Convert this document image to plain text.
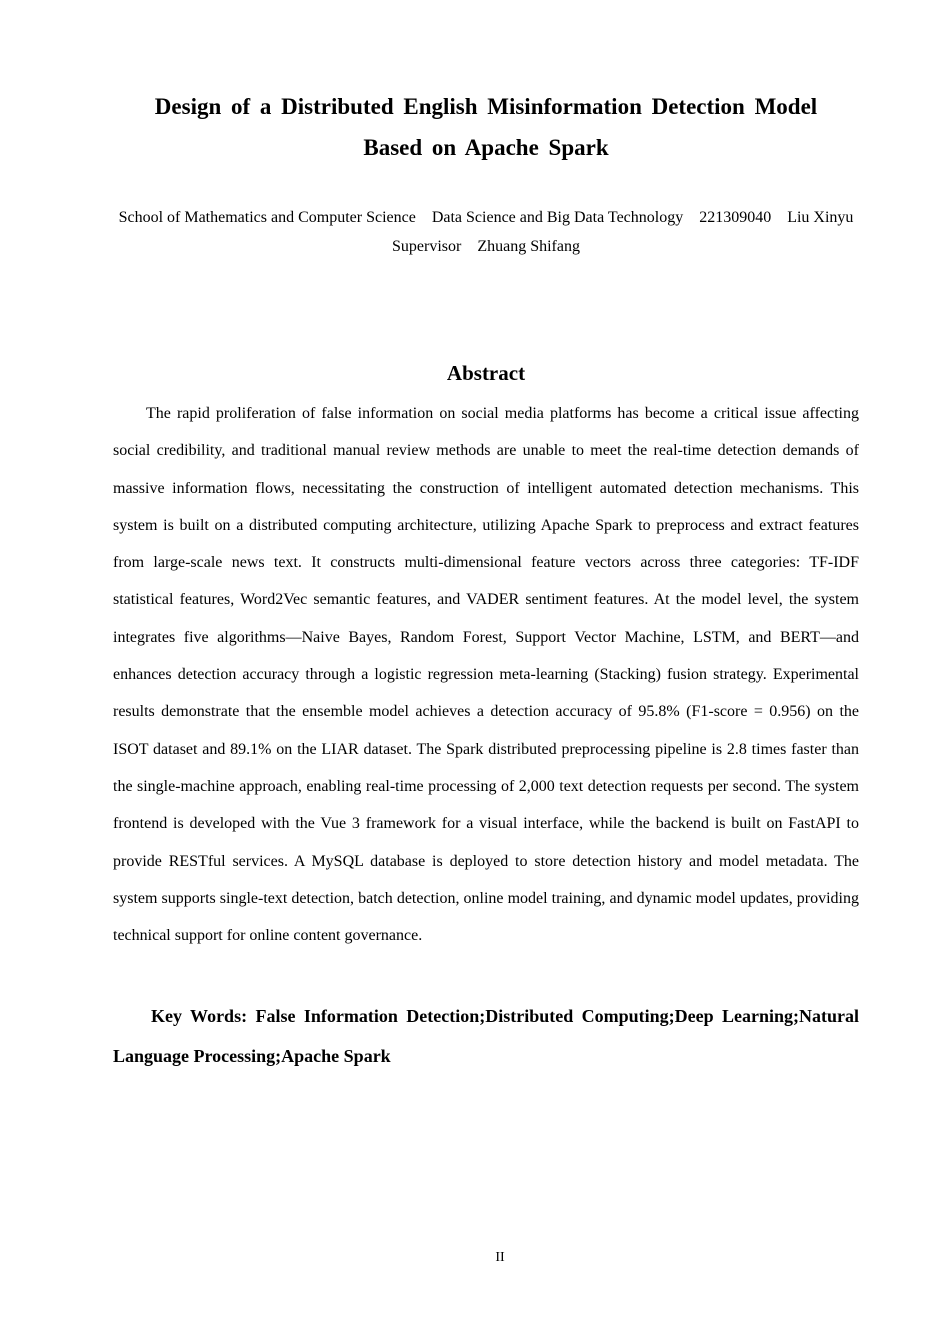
Design of a Distributed English Misinformation Detection Model
Based on Apache Spark
School of Mathematics and Computer Science    Data Science and Big Data Technology    221309040    Liu Xinyu
Supervisor    Zhuang Shifang
Abstract

The rapid proliferation of false information on social media platforms has become a critical issue affecting social credibility, and traditional manual review methods are unable to meet the real-time detection demands of massive information flows, necessitating the construction of intelligent automated detection mechanisms. This system is built on a distributed computing architecture, utilizing Apache Spark to preprocess and extract features from large-scale news text. It constructs multi-dimensional feature vectors across three categories: TF-IDF statistical features, Word2Vec semantic features, and VADER sentiment features. At the model level, the system integrates five algorithms—Naive Bayes, Random Forest, Support Vector Machine, LSTM, and BERT—and enhances detection accuracy through a logistic regression meta-learning (Stacking) fusion strategy. Experimental results demonstrate that the ensemble model achieves a detection accuracy of 95.8% (F1-score = 0.956) on the ISOT dataset and 89.1% on the LIAR dataset. The Spark distributed preprocessing pipeline is 2.8 times faster than the single-machine approach, enabling real-time processing of 2,000 text detection requests per second. The system frontend is developed with the Vue 3 framework for a visual interface, while the backend is built on FastAPI to provide RESTful services. A MySQL database is deployed to store detection history and model metadata. The system supports single-text detection, batch detection, online model training, and dynamic model updates, providing technical support for online content governance.

Key Words: False Information Detection;Distributed Computing;Deep Learning;Natural Language Processing;Apache Spark

II
